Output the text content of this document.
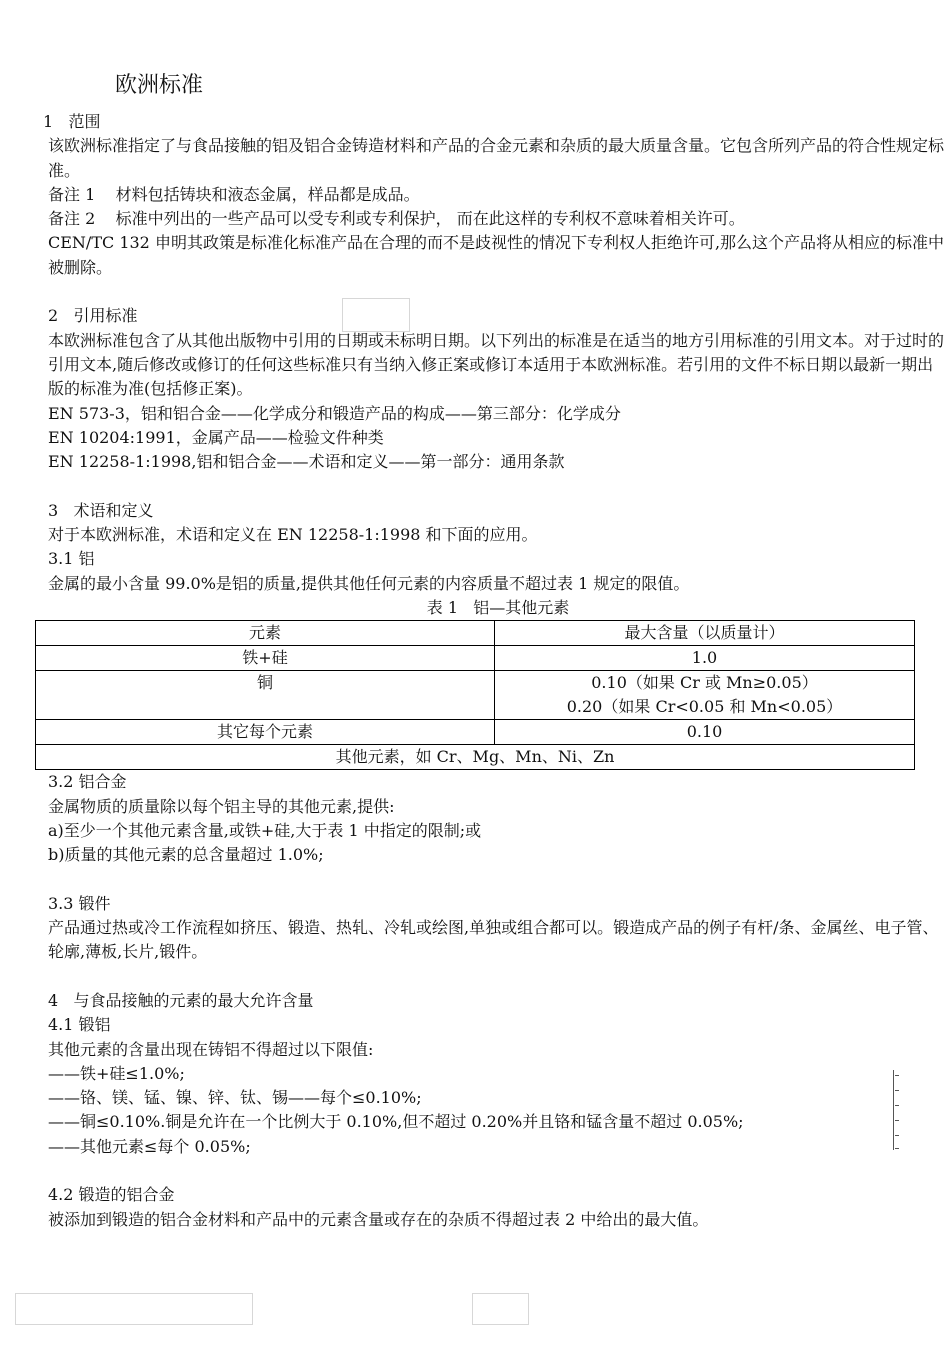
欧洲标准

1   范围

该欧洲标准指定了与食品接触的铝及铝合金铸造材料和产品的合金元素和杂质的最大质量含量。它包含所列产品的符合性规定标准。

备注 1    材料包括铸块和液态金属，样品都是成品。

备注 2    标准中列出的一些产品可以受专利或专利保护， 而在此这样的专利权不意味着相关许可。

CEN/TC 132 申明其政策是标准化标准产品在合理的而不是歧视性的情况下专利权人拒绝许可,那么这个产品将从相应的标准中被删除。

2   引用标准

本欧洲标准包含了从其他出版物中引用的日期或未标明日期。以下列出的标准是在适当的地方引用标准的引用文本。对于过时的引用文本,随后修改或修订的任何这些标准只有当纳入修正案或修订本适用于本欧洲标准。若引用的文件不标日期以最新一期出版的标准为准(包括修正案)。

EN 573-3，铝和铝合金——化学成分和锻造产品的构成——第三部分：化学成分

EN 10204:1991，金属产品——检验文件种类

EN 12258-1:1998,铝和铝合金——术语和定义——第一部分：通用条款

3   术语和定义

对于本欧洲标准，术语和定义在 EN 12258-1:1998 和下面的应用。

3.1 铝

金属的最小含量 99.0%是铝的质量,提供其他任何元素的内容质量不超过表 1 规定的限值。

表 1   铝—其他元素

元素	最大含量（以质量计）
铁+硅	1.0
铜	0.10（如果 Cr 或 Mn≥0.05）
0.20（如果 Cr<0.05 和 Mn<0.05）

其它每个元素	0.10
其他元素，如 Cr、Mg、Mn、Ni、Zn	

3.2 铝合金

金属物质的质量除以每个铝主导的其他元素,提供:

a)至少一个其他元素含量,或铁+硅,大于表 1 中指定的限制;或

b)质量的其他元素的总含量超过 1.0%;

3.3 锻件

产品通过热或冷工作流程如挤压、锻造、热轧、冷轧或绘图,单独或组合都可以。锻造成产品的例子有杆/条、金属丝、电子管、轮廓,薄板,长片,锻件。

4   与食品接触的元素的最大允许含量

4.1 锻铝

其他元素的含量出现在铸铝不得超过以下限值:

——铁+硅≤1.0%;

——铬、镁、锰、镍、锌、钛、锡——每个≤0.10%;

——铜≤0.10%.铜是允许在一个比例大于 0.10%,但不超过 0.20%并且铬和锰含量不超过 0.05%;

——其他元素≤每个 0.05%;

4.2 锻造的铝合金

被添加到锻造的铝合金材料和产品中的元素含量或存在的杂质不得超过表 2 中给出的最大值。
